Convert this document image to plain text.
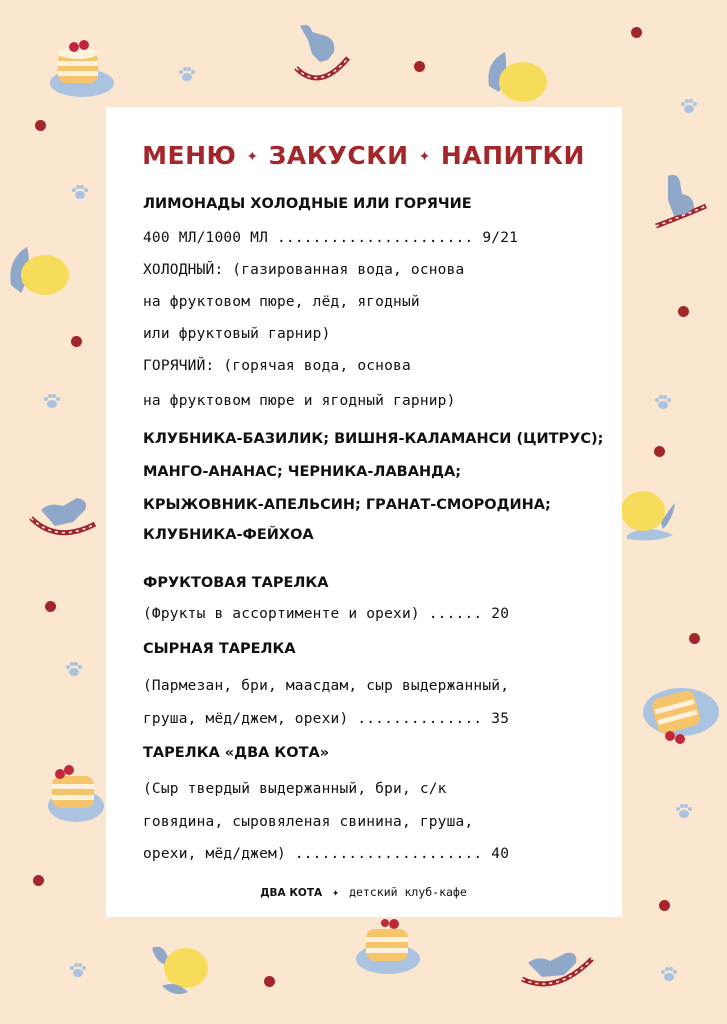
МЕНЮ ✦ ЗАКУСКИ ✦ НАПИТКИ
ЛИМОНАДЫ ХОЛОДНЫЕ ИЛИ ГОРЯЧИЕ
400 МЛ/1000 МЛ ...................... 9/21
ХОЛОДНЫЙ: (газированная вода, основа
на фруктовом пюре, лёд, ягодный
или фруктовый гарнир)
ГОРЯЧИЙ: (горячая вода, основа
на фруктовом пюре и ягодный гарнир)
КЛУБНИКА-БАЗИЛИК; ВИШНЯ-КАЛАМАНСИ (ЦИТРУС);
МАНГО-АНАНАС; ЧЕРНИКА-ЛАВАНДА;
КРЫЖОВНИК-АПЕЛЬСИН; ГРАНАТ-СМОРОДИНА;
КЛУБНИКА-ФЕЙХОА
ФРУКТОВАЯ ТАРЕЛКА
(Фрукты в ассортименте и орехи) ...... 20
СЫРНАЯ ТАРЕЛКА
(Пармезан, бри, маасдам, сыр выдержанный,
груша, мёд/джем, орехи) .............. 35
ТАРЕЛКА «ДВА КОТА»
(Сыр твердый выдержанный, бри, с/к
говядина, сыровяленая свинина, груша,
орехи, мёд/джем) ..................... 40
ДВА КОТА ✦ детский клуб-кафе
